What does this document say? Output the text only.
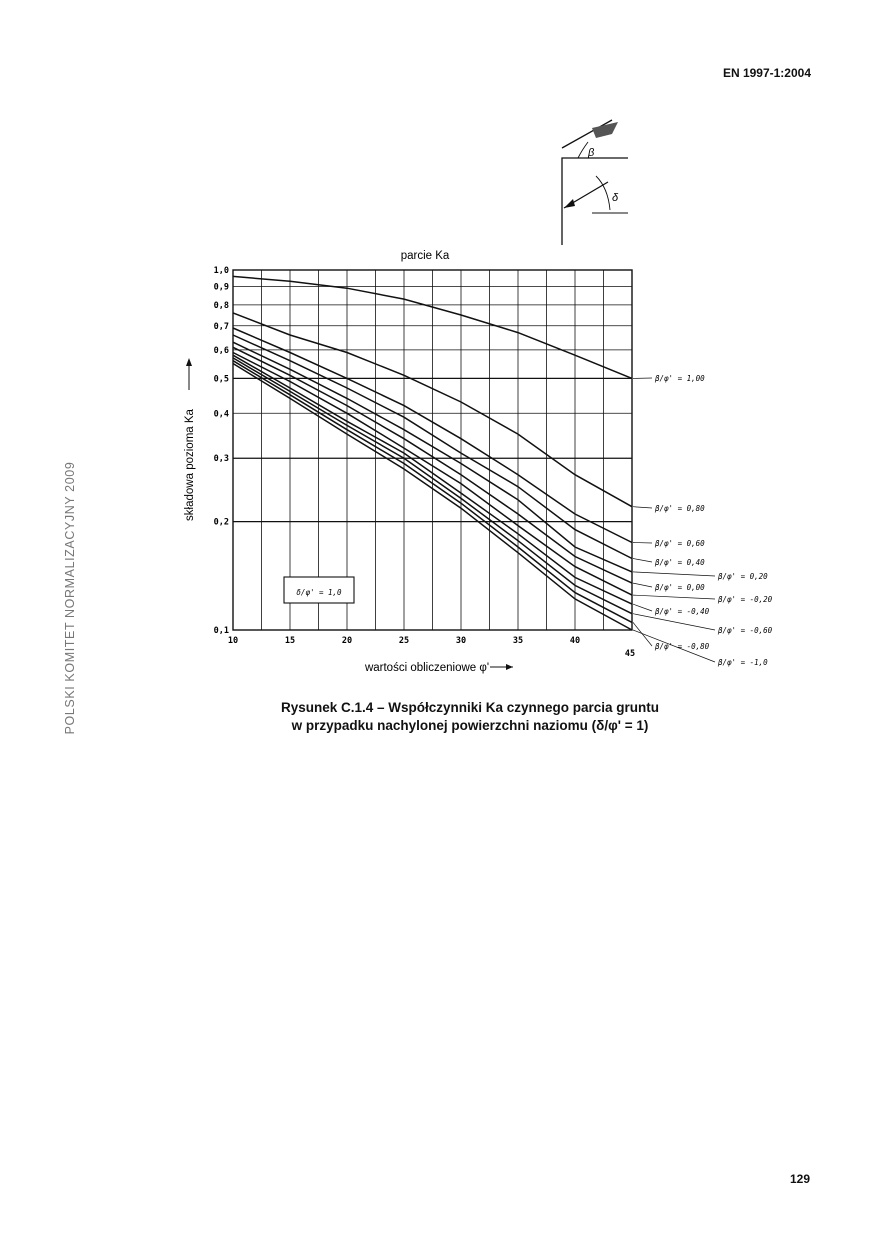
EN 1997-1:2004
POLSKI KOMITET NORMALIZACYJNY 2009
β
δ
parcie Ka
β/φ' = 1,00
β/φ' = 0,80
β/φ' = 0,60
β/φ' = 0,40
β/φ' = 0,20
β/φ' = 0,00
β/φ' = -0,20
β/φ' = -0,40
β/φ' = -0,60
β/φ' = -0,80
β/φ' = -1,0
1,0
0,9
0,8
0,7
0,6
0,5
0,4
0,3
0,2
0,1
10	15	20	25	30	35	40
45
wartości obliczeniowe φ'
składowa pozioma Ka
δ/φ' = 1,0
Rysunek C.1.4 – Współczynniki Ka czynnego parcia gruntu
w przypadku nachylonej powierzchni naziomu (δ/φ' = 1)
129
